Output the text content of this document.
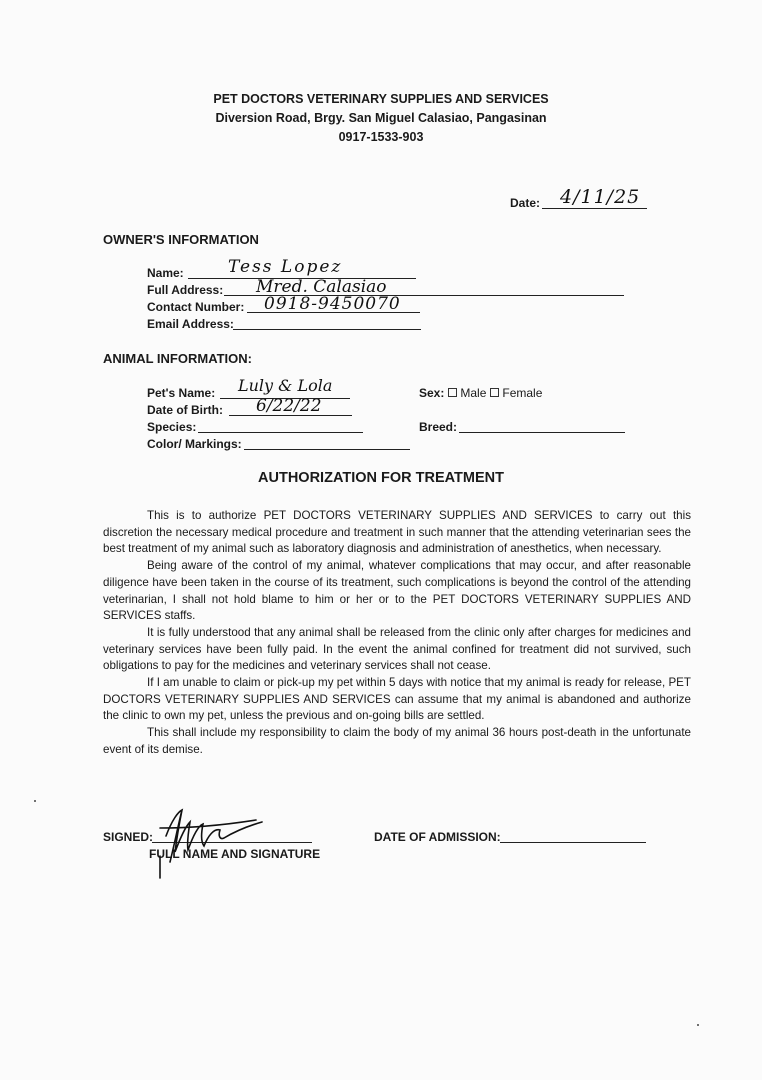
PET DOCTORS VETERINARY SUPPLIES AND SERVICES
Diversion Road, Brgy. San Miguel Calasiao, Pangasinan
0917-1533-903
Date: 4/11/25
OWNER'S INFORMATION
Name:	Tess Lopez
Full Address: Mred. Calasiao
Contact Number: 0918-9450070
Email Address:
ANIMAL INFORMATION:
Pet's Name: Luly & Lola
Date of Birth: 6/22/22
Species:
Color/ Markings:
Sex: Male Female
Breed:
AUTHORIZATION FOR TREATMENT

This is to authorize PET DOCTORS VETERINARY SUPPLIES AND SERVICES to carry out this discretion the necessary medical procedure and treatment in such manner that the attending veterinarian sees the best treatment of my animal such as laboratory diagnosis and administration of anesthetics, when necessary.

Being aware of the control of my animal, whatever complications that may occur, and after reasonable diligence have been taken in the course of its treatment, such complications is beyond the control of the attending veterinarian, I shall not hold blame to him or her or to the PET DOCTORS VETERINARY SUPPLIES AND SERVICES staffs.

It is fully understood that any animal shall be released from the clinic only after charges for medicines and veterinary services have been fully paid. In the event the animal confined for treatment did not survived, such obligations to pay for the medicines and veterinary services shall not cease.

If I am unable to claim or pick-up my pet within 5 days with notice that my animal is ready for release, PET DOCTORS VETERINARY SUPPLIES AND SERVICES can assume that my animal is abandoned and authorize the clinic to own my pet, unless the previous and on-going bills are settled.

This shall include my responsibility to claim the body of my animal 36 hours post-death in the unfortunate event of its demise.

SIGNED:
FULL NAME AND SIGNATURE
DATE OF ADMISSION:
